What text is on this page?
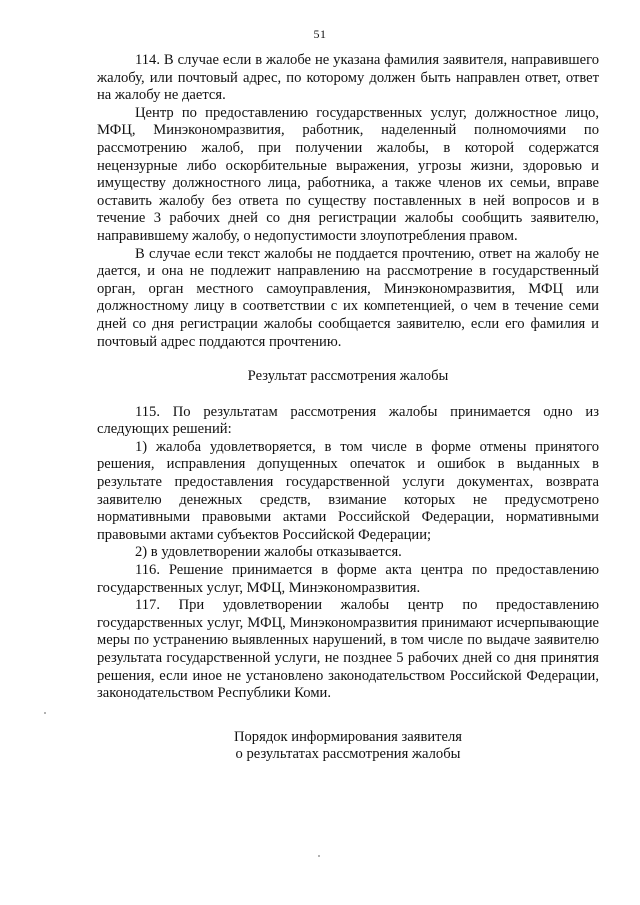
51

114. В случае если в жалобе не указана фамилия заявителя, направившего жалобу, или почтовый адрес, по которому должен быть направлен ответ, ответ на жалобу не дается.

Центр по предоставлению государственных услуг, должностное лицо, МФЦ, Минэкономразвития, работник, наделенный полномочиями по рассмотрению жалоб, при получении жалобы, в которой содержатся нецензурные либо оскорбительные выражения, угрозы жизни, здоровью и имуществу должностного лица, работника, а также членов их семьи, вправе оставить жалобу без ответа по существу поставленных в ней вопросов и в течение 3 рабочих дней со дня регистрации жалобы сообщить заявителю, направившему жалобу, о недопустимости злоупотребления правом.

В случае если текст жалобы не поддается прочтению, ответ на жалобу не дается, и она не подлежит направлению на рассмотрение в государственный орган, орган местного самоуправления, Минэкономразвития, МФЦ или должностному лицу в соответствии с их компетенцией, о чем в течение семи дней со дня регистрации жалобы сообщается заявителю, если его фамилия и почтовый адрес поддаются прочтению.

Результат рассмотрения жалобы

115. По результатам рассмотрения жалобы принимается одно из следующих решений:

1) жалоба удовлетворяется, в том числе в форме отмены принятого решения, исправления допущенных опечаток и ошибок в выданных в результате предоставления государственной услуги документах, возврата заявителю денежных средств, взимание которых не предусмотрено нормативными правовыми актами Российской Федерации, нормативными правовыми актами субъектов Российской Федерации;

2) в удовлетворении жалобы отказывается.

116. Решение принимается в форме акта центра по предоставлению государственных услуг, МФЦ, Минэкономразвития.

117. При удовлетворении жалобы центр по предоставлению государственных услуг, МФЦ, Минэкономразвития принимают исчерпывающие меры по устранению выявленных нарушений, в том числе по выдаче заявителю результата государственной услуги, не позднее 5 рабочих дней со дня принятия решения, если иное не установлено законодательством Российской Федерации, законодательством Республики Коми.

Порядок информирования заявителя
о результатах рассмотрения жалобы
